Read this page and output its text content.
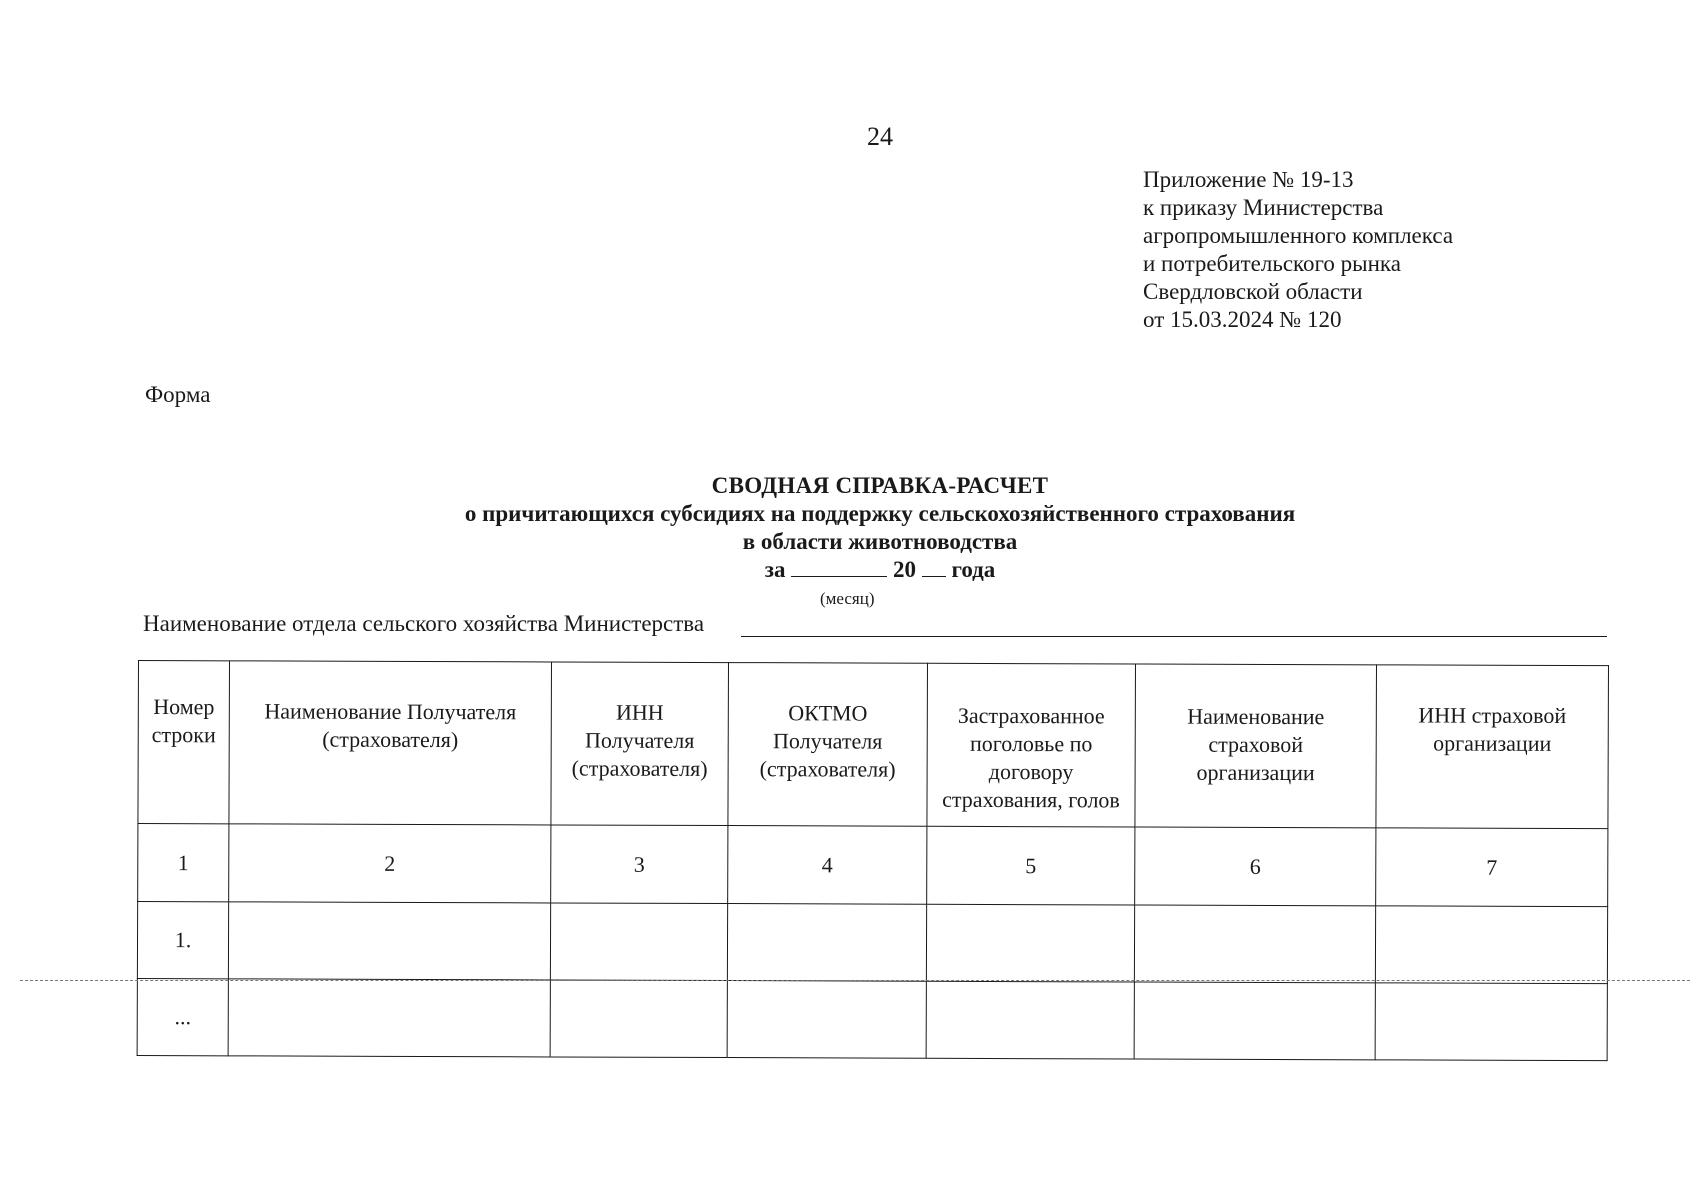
24
Приложение № 19-13
к приказу Министерства
агропромышленного комплекса
и потребительского рынка
Свердловской области
от 15.03.2024 № 120
Форма
СВОДНАЯ СПРАВКА-РАСЧЕТ
о причитающихся субсидиях на поддержку сельскохозяйственного страхования
в области животноводства
за	20 года
(месяц)
Наименование отдела сельского хозяйства Министерства
Номер строки	Наименование Получателя (страхователя)	ИНН Получателя (страхователя)	ОКТМО Получателя (страхователя)	Застрахованное поголовье по договору страхования, голов	Наименование страховой организации	ИНН страховой организации
1	2	3	4	5	6	7
1.						
...						
